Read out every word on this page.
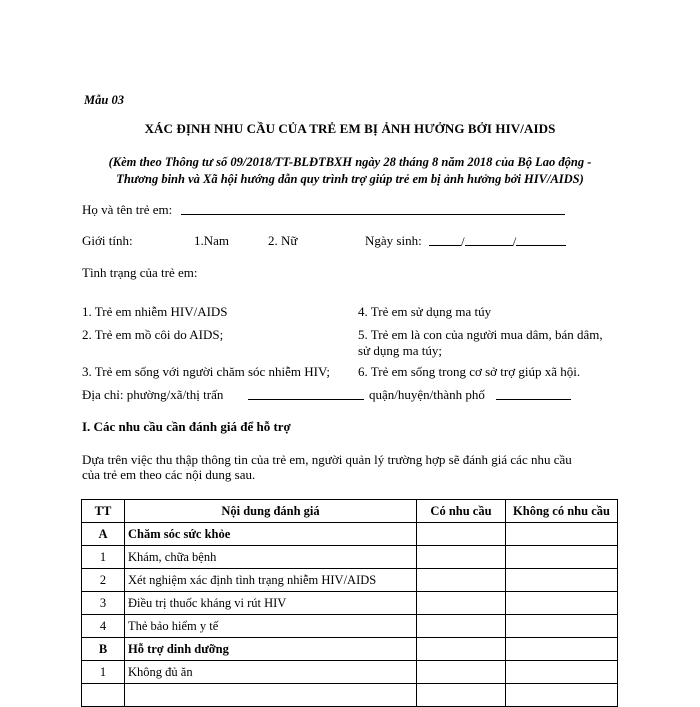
Mẫu 03
XÁC ĐỊNH NHU CẦU CỦA TRẺ EM BỊ ẢNH HƯỞNG BỞI HIV/AIDS
(Kèm theo Thông tư số 09/2018/TT-BLĐTBXH ngày 28 tháng 8 năm 2018 của Bộ Lao động -
Thương binh và Xã hội hướng dẫn quy trình trợ giúp trẻ em bị ảnh hưởng bởi HIV/AIDS)
Họ và tên trẻ em:
Giới tính:	1.Nam	2. Nữ	Ngày sinh:	/	/
Tình trạng của trẻ em:
1. Trẻ em nhiễm HIV/AIDS
2. Trẻ em mồ côi do AIDS;
3. Trẻ em sống với người chăm sóc nhiễm HIV;
4. Trẻ em sử dụng ma túy
5. Trẻ em là con của người mua dâm, bán dâm,
sử dụng ma túy;
6. Trẻ em sống trong cơ sở trợ giúp xã hội.
Địa chỉ: phường/xã/thị trấn	quận/huyện/thành phố
I. Các nhu cầu cần đánh giá để hỗ trợ
Dựa trên việc thu thập thông tin của trẻ em, người quản lý trường hợp sẽ đánh giá các nhu cầu
của trẻ em theo các nội dung sau.
TT	Nội dung đánh giá	Có nhu cầu	Không có nhu cầu
A	Chăm sóc sức khỏe		
1	Khám, chữa bệnh		
2	Xét nghiệm xác định tình trạng nhiễm HIV/AIDS		
3	Điều trị thuốc kháng vi rút HIV		
4	Thẻ bảo hiểm y tế		
B	Hỗ trợ dinh dưỡng		
1	Không đủ ăn		
